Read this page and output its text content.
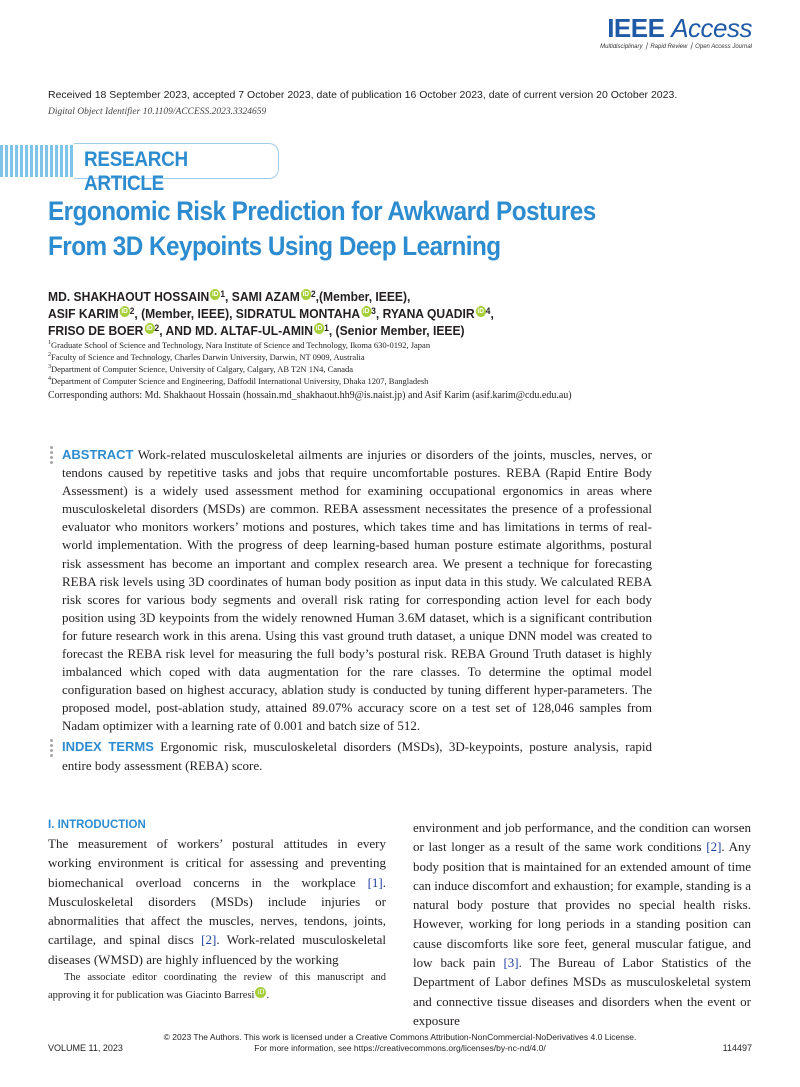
IEEE Access
Multidisciplinary ⎪ Rapid Review ⎪ Open Access Journal
Received 18 September 2023, accepted 7 October 2023, date of publication 16 October 2023, date of current version 20 October 2023.
Digital Object Identifier 10.1109/ACCESS.2023.3324659
RESEARCH ARTICLE
Ergonomic Risk Prediction for Awkward Postures
From 3D Keypoints Using Deep Learning
MD. SHAKHAOUT HOSSAIN iD $^1$, SAMI AZAM iD $^2$,(Member, IEEE),
ASIF KARIM iD $^2$, (Member, IEEE), SIDRATUL MONTAHA iD $^3$, RYANA QUADIR iD $^4$,
FRISO DE BOER iD $^2$, AND MD. ALTAF-UL-AMIN iD $^1$, (Senior Member, IEEE)
$^1$Graduate School of Science and Technology, Nara Institute of Science and Technology, Ikoma 630-0192, Japan
$^2$Faculty of Science and Technology, Charles Darwin University, Darwin, NT 0909, Australia
$^3$Department of Computer Science, University of Calgary, Calgary, AB T2N 1N4, Canada
$^4$Department of Computer Science and Engineering, Daffodil International University, Dhaka 1207, Bangladesh
Corresponding authors: Md. Shakhaout Hossain (hossain.md_shakhaout.hh9@is.naist.jp) and Asif Karim (asif.karim@cdu.edu.au)
ABSTRACT Work-related musculoskeletal ailments are injuries or disorders of the joints, muscles, nerves, or tendons caused by repetitive tasks and jobs that require uncomfortable postures. REBA (Rapid Entire Body Assessment) is a widely used assessment method for examining occupational ergonomics in areas where musculoskeletal disorders (MSDs) are common. REBA assessment necessitates the presence of a professional evaluator who monitors workers’ motions and postures, which takes time and has limitations in terms of real-world implementation. With the progress of deep learning-based human posture estimate algorithms, postural risk assessment has become an important and complex research area. We present a technique for forecasting REBA risk levels using 3D coordinates of human body position as input data in this study. We calculated REBA risk scores for various body segments and overall risk rating for corresponding action level for each body position using 3D keypoints from the widely renowned Human 3.6M dataset, which is a significant contribution for future research work in this arena. Using this vast ground truth dataset, a unique DNN model was created to forecast the REBA risk level for measuring the full body’s postural risk. REBA Ground Truth dataset is highly imbalanced which coped with data augmentation for the rare classes. To determine the optimal model configuration based on highest accuracy, ablation study is conducted by tuning different hyper-parameters. The proposed model, post-ablation study, attained 89.07% accuracy score on a test set of 128,046 samples from Nadam optimizer with a learning rate of 0.001 and batch size of 512.
INDEX TERMS Ergonomic risk, musculoskeletal disorders (MSDs), 3D-keypoints, posture analysis, rapid entire body assessment (REBA) score.
I. INTRODUCTION
The measurement of workers’ postural attitudes in every working environment is critical for assessing and preventing biomechanical overload concerns in the workplace [1]. Musculoskeletal disorders (MSDs) include injuries or abnormalities that affect the muscles, nerves, tendons, joints, cartilage, and spinal discs [2]. Work-related musculoskeletal diseases (WMSD) are highly influenced by the working
The associate editor coordinating the review of this manuscript and approving it for publication was Giacinto Barresi iD .
environment and job performance, and the condition can worsen or last longer as a result of the same work conditions [2]. Any body position that is maintained for an extended amount of time can induce discomfort and exhaustion; for example, standing is a natural body posture that provides no special health risks. However, working for long periods in a standing position can cause discomforts like sore feet, general muscular fatigue, and low back pain [3]. The Bureau of Labor Statistics of the Department of Labor defines MSDs as musculoskeletal system and connective tissue diseases and disorders when the event or exposure
© 2023 The Authors. This work is licensed under a Creative Commons Attribution-NonCommercial-NoDerivatives 4.0 License.
For more information, see https://creativecommons.org/licenses/by-nc-nd/4.0/
VOLUME 11, 2023	114497
